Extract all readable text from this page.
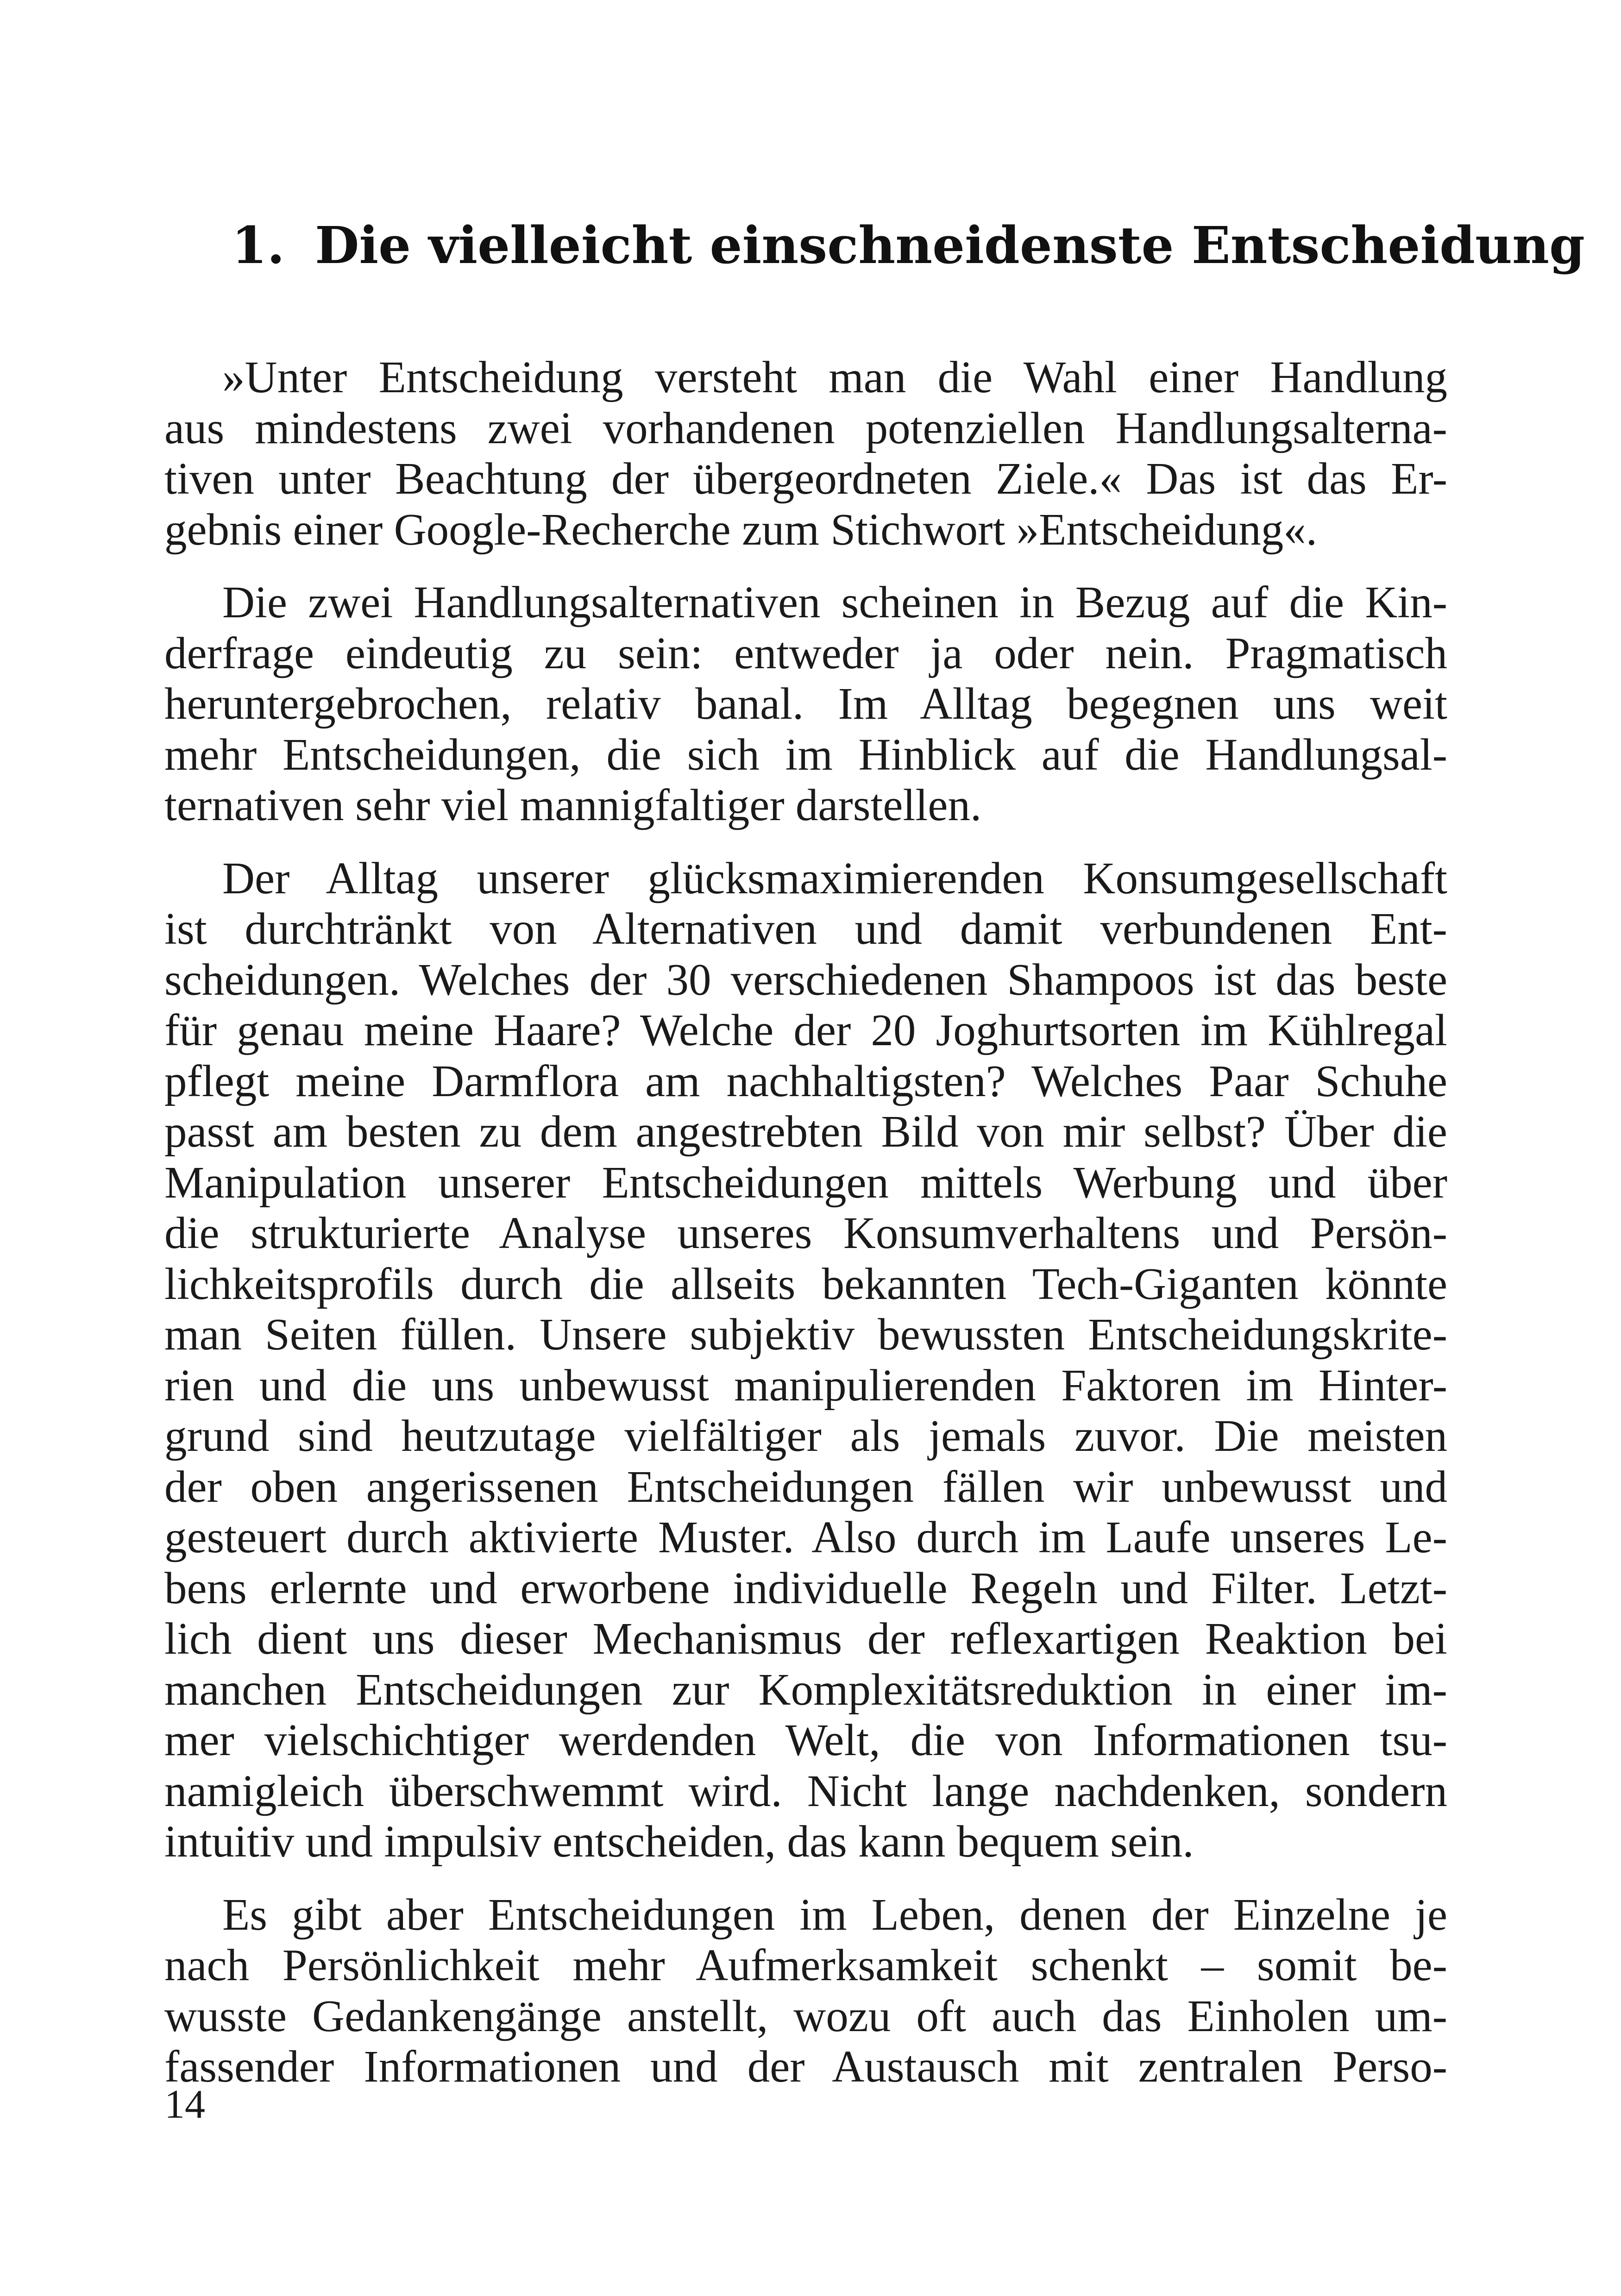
1. Die vielleicht einschneidenste Entscheidung

»Unter Entscheidung versteht man die Wahl einer Handlung
aus mindestens zwei vorhandenen potenziellen Handlungsalterna-
tiven unter Beachtung der übergeordneten Ziele.« Das ist das Er-
gebnis einer Google-Recherche zum Stichwort »Entscheidung«.

Die zwei Handlungsalternativen scheinen in Bezug auf die Kin-
derfrage eindeutig zu sein: entweder ja oder nein. Pragmatisch
heruntergebrochen, relativ banal. Im Alltag begegnen uns weit
mehr Entscheidungen, die sich im Hinblick auf die Handlungsal-
ternativen sehr viel mannigfaltiger darstellen.

Der Alltag unserer glücksmaximierenden Konsumgesellschaft
ist durchtränkt von Alternativen und damit verbundenen Ent-
scheidungen. Welches der 30 verschiedenen Shampoos ist das beste
für genau meine Haare? Welche der 20 Joghurtsorten im Kühlregal
pflegt meine Darmflora am nachhaltigsten? Welches Paar Schuhe
passt am besten zu dem angestrebten Bild von mir selbst? Über die
Manipulation unserer Entscheidungen mittels Werbung und über
die strukturierte Analyse unseres Konsumverhaltens und Persön-
lichkeitsprofils durch die allseits bekannten Tech-Giganten könnte
man Seiten füllen. Unsere subjektiv bewussten Entscheidungskrite-
rien und die uns unbewusst manipulierenden Faktoren im Hinter-
grund sind heutzutage vielfältiger als jemals zuvor. Die meisten
der oben angerissenen Entscheidungen fällen wir unbewusst und
gesteuert durch aktivierte Muster. Also durch im Laufe unseres Le-
bens erlernte und erworbene individuelle Regeln und Filter. Letzt-
lich dient uns dieser Mechanismus der reflexartigen Reaktion bei
manchen Entscheidungen zur Komplexitätsreduktion in einer im-
mer vielschichtiger werdenden Welt, die von Informationen tsu-
namigleich überschwemmt wird. Nicht lange nachdenken, sondern
intuitiv und impulsiv entscheiden, das kann bequem sein.

Es gibt aber Entscheidungen im Leben, denen der Einzelne je
nach Persönlichkeit mehr Aufmerksamkeit schenkt – somit be-
wusste Gedankengänge anstellt, wozu oft auch das Einholen um-
fassender Informationen und der Austausch mit zentralen Perso-

14
